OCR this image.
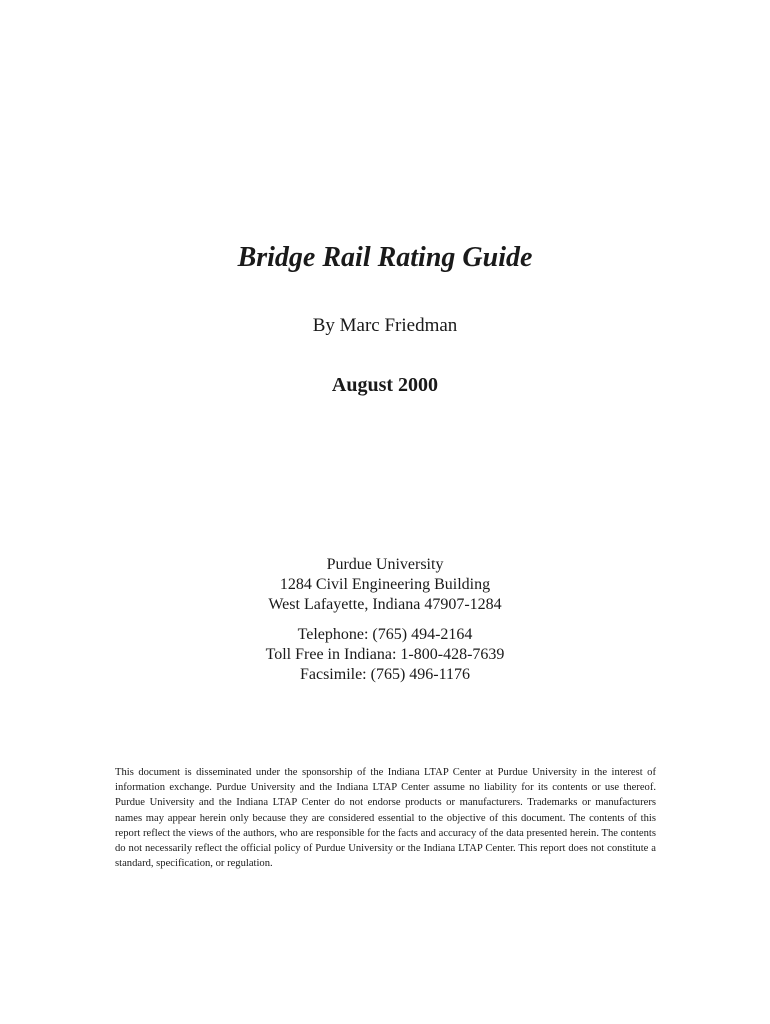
Bridge Rail Rating Guide
By Marc Friedman
August 2000
Purdue University
1284 Civil Engineering Building
West Lafayette, Indiana 47907-1284
Telephone: (765) 494-2164
Toll Free in Indiana: 1-800-428-7639
Facsimile: (765) 496-1176

This document is disseminated under the sponsorship of the Indiana LTAP Center at Purdue University in the interest of information exchange. Purdue University and the Indiana LTAP Center assume no liability for its contents or use thereof. Purdue University and the Indiana LTAP Center do not endorse products or manufacturers. Trademarks or manufacturers names may appear herein only because they are considered essential to the objective of this document. The contents of this report reflect the views of the authors, who are responsible for the facts and accuracy of the data presented herein. The contents do not necessarily reflect the official policy of Purdue University or the Indiana LTAP Center. This report does not constitute a standard, specification, or regulation.
